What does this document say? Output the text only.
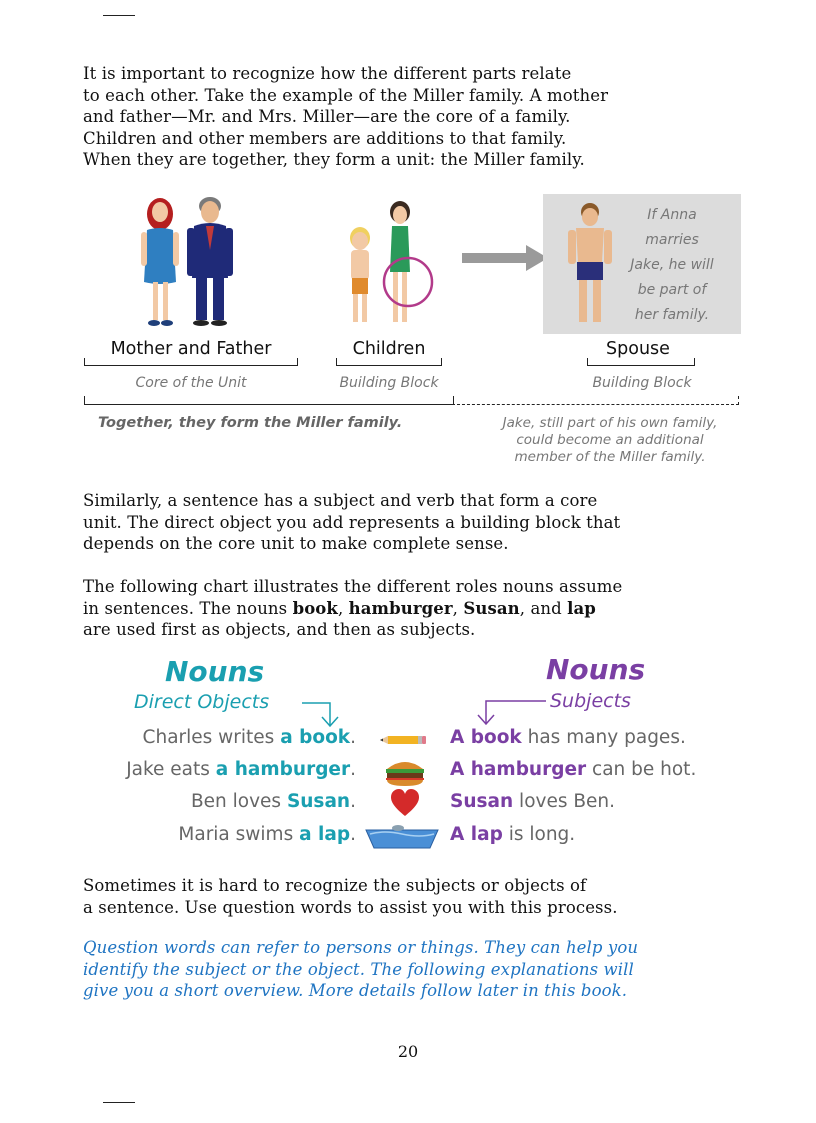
It is important to recognize how the different parts relate
to each other. Take the example of the Miller family. A mother
and father—Mr. and Mrs. Miller—are the core of a family.
Children and other members are additions to that family.
When they are together, they form a unit: the Miller family.
If Anna
marries
Jake, he will
be part of
her family.
Mother and Father	Children	Spouse
Core of the Unit	Building Block	Building Block
Together, they form the Miller family.	Jake, still part of his own family,
could become an additional
member of the Miller family.
Similarly, a sentence has a subject and verb that form a core
unit. The direct object you add represents a building block that
depends on the core unit to make complete sense.
The following chart illustrates the different roles nouns assume
in sentences. The nouns book, hamburger, Susan, and lap
are used first as objects, and then as subjects.
Nouns	Nouns
Direct Objects	Subjects
Charles writes a book.	A book has many pages.
Jake eats a hamburger.	A hamburger can be hot.
Ben loves Susan.	Susan loves Ben.
Maria swims a lap.	A lap is long.
Sometimes it is hard to recognize the subjects or objects of
a sentence. Use question words to assist you with this process.
Question words can refer to persons or things. They can help you
identify the subject or the object. The following explanations will
give you a short overview. More details follow later in this book.
20
